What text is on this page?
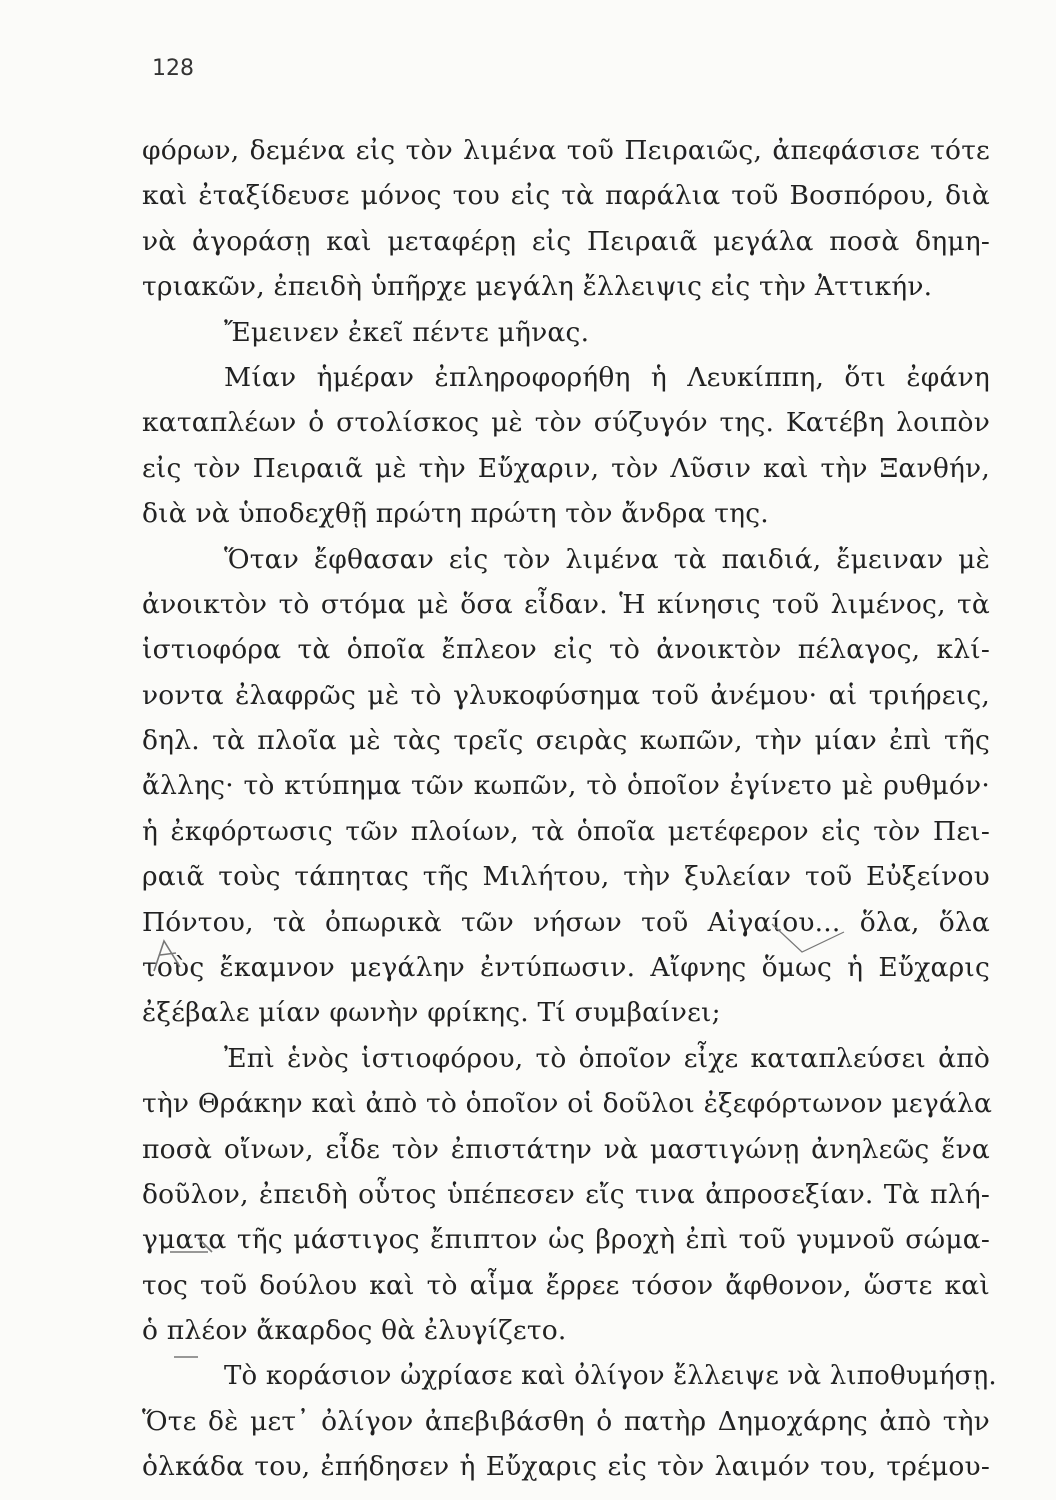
128
φόρων, δεμένα εἰς τὸν λιμένα τοῦ Πειραιῶς, ἀπεφάσισε τότε
καὶ ἐταξίδευσε μόνος του εἰς τὰ παράλια τοῦ Βοσπόρου, διὰ
νὰ ἀγοράσῃ καὶ μεταφέρῃ εἰς Πειραιᾶ μεγάλα ποσὰ δημη-
τριακῶν, ἐπειδὴ ὑπῆρχε μεγάλη ἔλλειψις εἰς τὴν Ἀττικήν.
Ἔμεινεν ἐκεῖ πέντε μῆνας.
Μίαν ἡμέραν ἐπληροφορήθη ἡ Λευκίππη, ὅτι ἐφάνη
καταπλέων ὁ στολίσκος μὲ τὸν σύζυγόν της. Κατέβη λοιπὸν
εἰς τὸν Πειραιᾶ μὲ τὴν Εὔχαριν, τὸν Λῦσιν καὶ τὴν Ξανθήν,
διὰ νὰ ὑποδεχθῇ πρώτη πρώτη τὸν ἄνδρα της.
Ὅταν ἔφθασαν εἰς τὸν λιμένα τὰ παιδιά, ἔμειναν μὲ
ἀνοικτὸν τὸ στόμα μὲ ὅσα εἶδαν. Ἡ κίνησις τοῦ λιμένος, τὰ
ἱστιοφόρα τὰ ὁποῖα ἔπλεον εἰς τὸ ἀνοικτὸν πέλαγος, κλί-
νοντα ἐλαφρῶς μὲ τὸ γλυκοφύσημα τοῦ ἀνέμου· αἱ τριήρεις,
δηλ. τὰ πλοῖα μὲ τὰς τρεῖς σειρὰς κωπῶν, τὴν μίαν ἐπὶ τῆς
ἄλλης· τὸ κτύπημα τῶν κωπῶν, τὸ ὁποῖον ἐγίνετο μὲ ρυθμόν·
ἡ ἐκφόρτωσις τῶν πλοίων, τὰ ὁποῖα μετέφερον εἰς τὸν Πει-
ραιᾶ τοὺς τάπητας τῆς Μιλήτου, τὴν ξυλείαν τοῦ Εὐξείνου
Πόντου, τὰ ὀπωρικὰ τῶν νήσων τοῦ Αἰγαίου... ὅλα, ὅλα
τοὺς ἔκαμνον μεγάλην ἐντύπωσιν. Αἴφνης ὅμως ἡ Εὔχαρις
ἐξέβαλε μίαν φωνὴν φρίκης. Τί συμβαίνει;
Ἐπὶ ἑνὸς ἱστιοφόρου, τὸ ὁποῖον εἶχε καταπλεύσει ἀπὸ
τὴν Θράκην καὶ ἀπὸ τὸ ὁποῖον οἱ δοῦλοι ἐξεφόρτωνον μεγάλα
ποσὰ οἴνων, εἶδε τὸν ἐπιστάτην νὰ μαστιγώνῃ ἀνηλεῶς ἕνα
δοῦλον, ἐπειδὴ οὗτος ὑπέπεσεν εἴς τινα ἀπροσεξίαν. Τὰ πλή-
γματα τῆς μάστιγος ἔπιπτον ὡς βροχὴ ἐπὶ τοῦ γυμνοῦ σώμα-
τος τοῦ δούλου καὶ τὸ αἷμα ἔρρεε τόσον ἄφθονον, ὥστε καὶ
ὁ πλέον ἄκαρδος θὰ ἐλυγίζετο.
Τὸ κοράσιον ὠχρίασε καὶ ὀλίγον ἔλλειψε νὰ λιποθυμήσῃ.
Ὅτε δὲ μετ᾽ ὀλίγον ἀπεβιβάσθη ὁ πατὴρ Δημοχάρης ἀπὸ τὴν
ὁλκάδα του, ἐπήδησεν ἡ Εὔχαρις εἰς τὸν λαιμόν του, τρέμου-
